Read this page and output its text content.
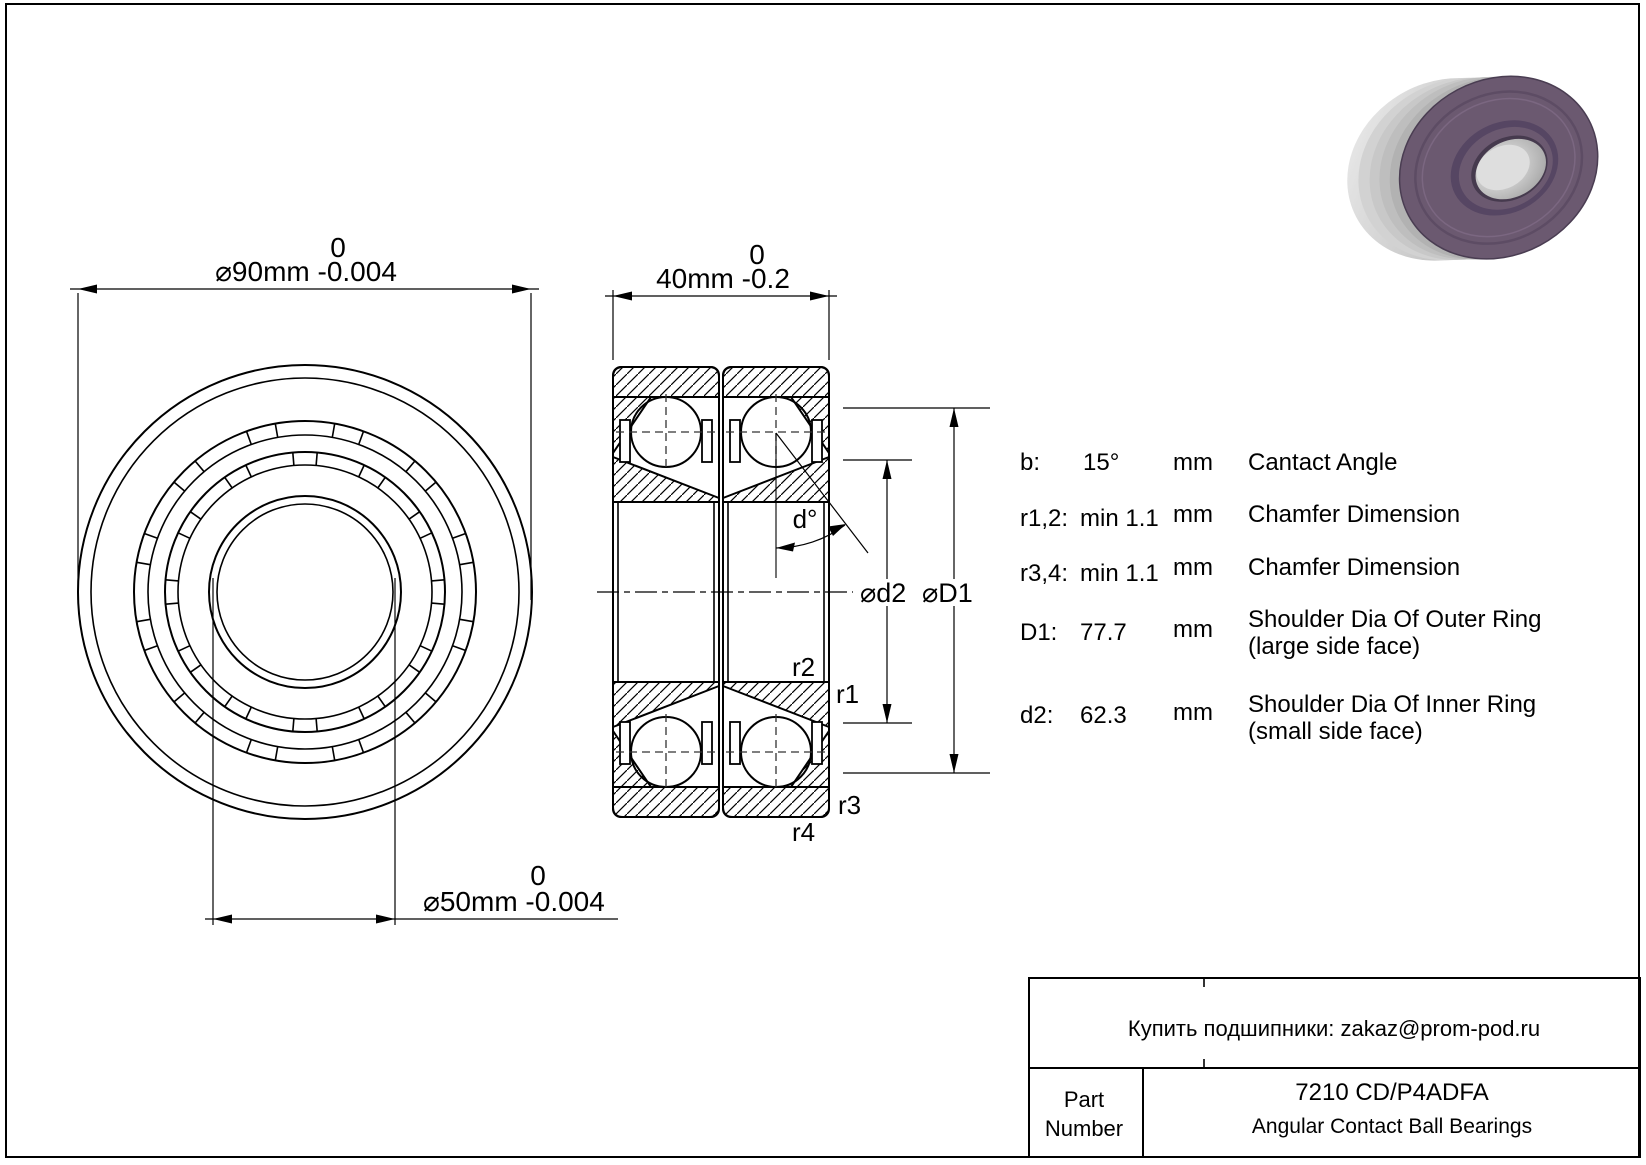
⌀90mm -0.004
0
⌀50mm -0.004
0
40mm -0.2
0
d°
⌀d2 ⌀D1
r2
r1
r3
r4
b: 15° mm Cantact Angle
r1,2: min 1.1 mm Chamfer Dimension
r3,4: min 1.1 mm Chamfer Dimension
D1: 77.7 mm Shoulder Dia Of Outer Ring
(large side face)
d2: 62.3 mm Shoulder Dia Of Inner Ring
(small side face)
Купить подшипники: zakaz@prom-pod.ru
Part
Number
7210 CD/P4ADFA
Angular Contact Ball Bearings
